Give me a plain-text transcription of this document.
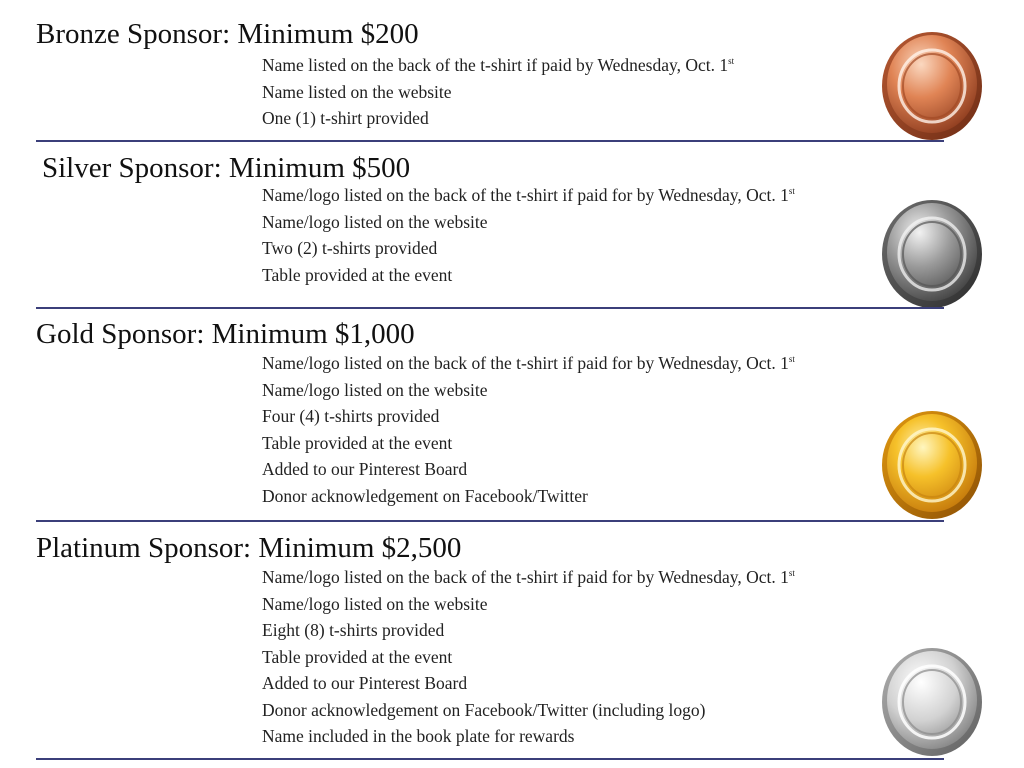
Bronze Sponsor: Minimum $200
Name listed on the back of the t-shirt if paid by Wednesday, Oct. 1st
Name listed on the website
One (1) t-shirt provided
Silver Sponsor: Minimum $500
Name/logo listed on the back of the t-shirt if paid for by Wednesday, Oct. 1st
Name/logo listed on the website
Two (2) t-shirts provided
Table provided at the event
Gold Sponsor: Minimum $1,000
Name/logo listed on the back of the t-shirt if paid for by Wednesday, Oct. 1st
Name/logo listed on the website
Four (4) t-shirts provided
Table provided at the event
Added to our Pinterest Board
Donor acknowledgement on Facebook/Twitter
Platinum Sponsor: Minimum $2,500
Name/logo listed on the back of the t-shirt if paid for by Wednesday, Oct. 1st
Name/logo listed on the website
Eight (8) t-shirts provided
Table provided at the event
Added to our Pinterest Board
Donor acknowledgement on Facebook/Twitter (including logo)
Name included in the book plate for rewards
